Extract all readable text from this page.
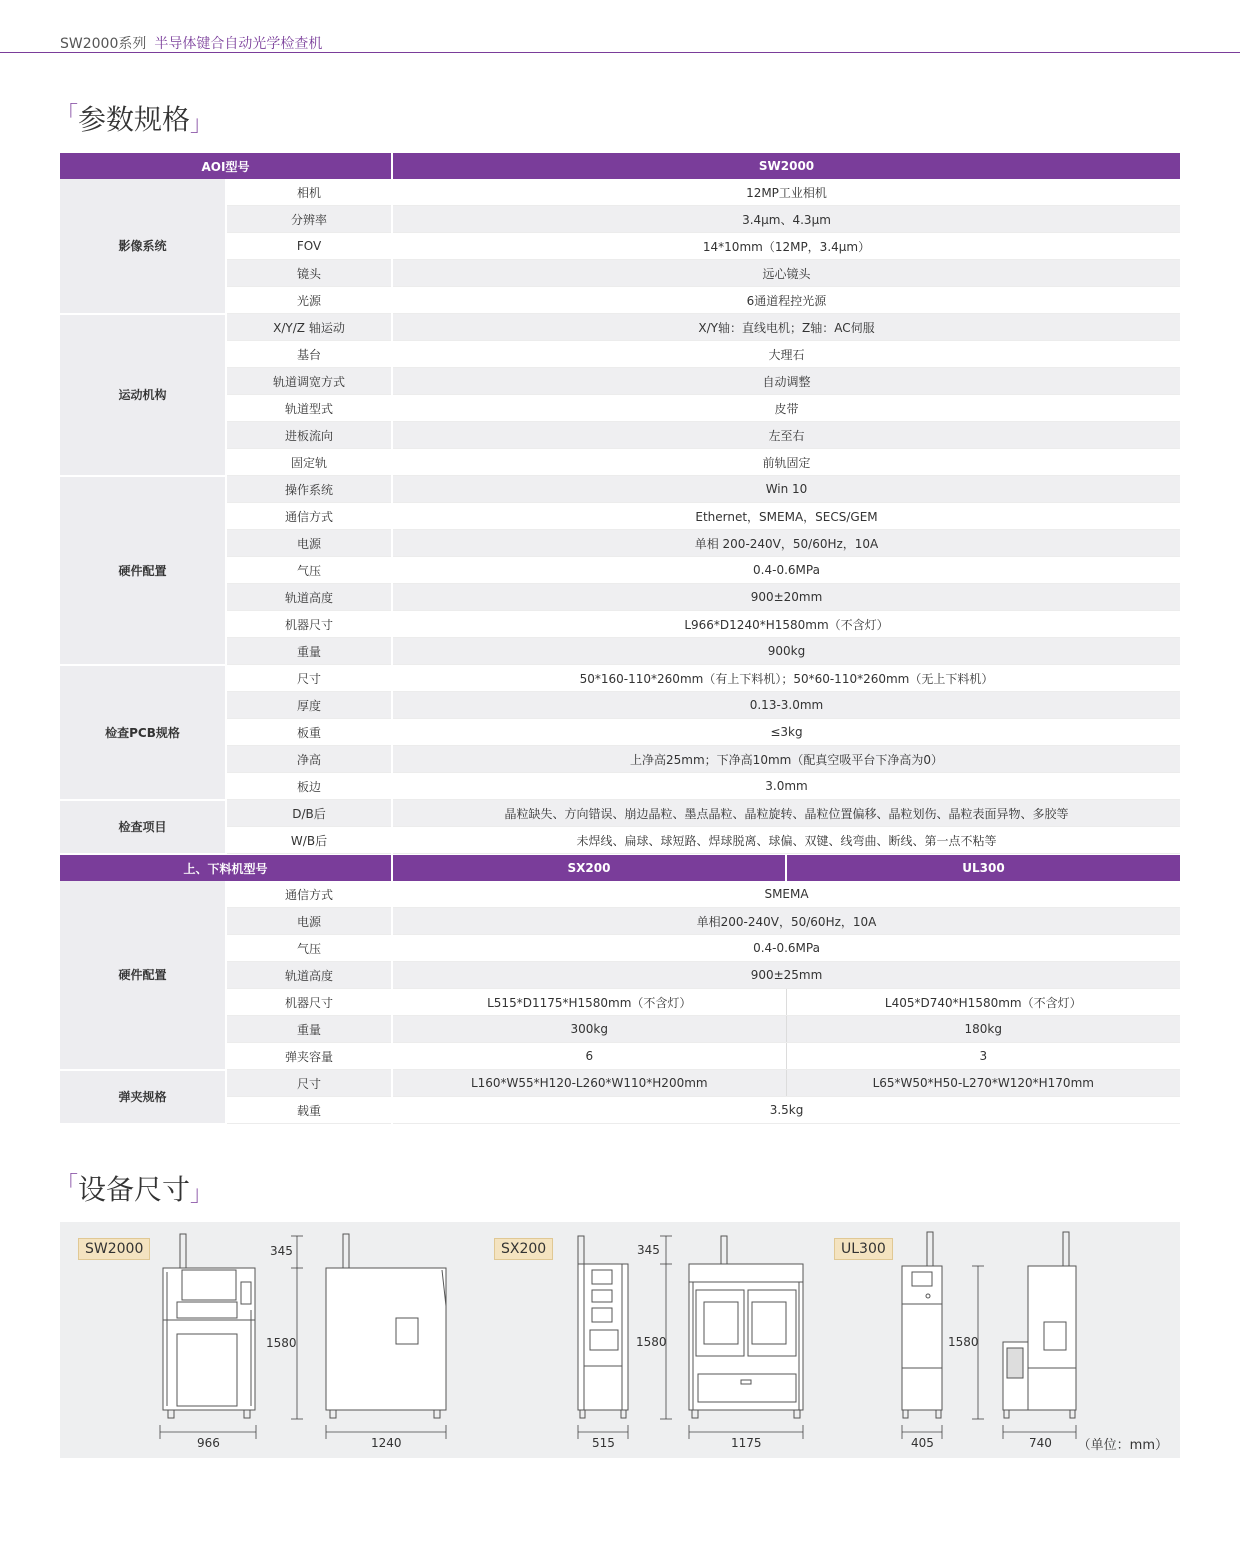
SW2000系列 半导体键合自动光学检查机
「 参数规格 」
AOI型号		SW2000
影像系统	相机	12MP工业相机
	分辨率	3.4μm、4.3μm
	FOV	14*10mm（12MP，3.4μm）
	镜头	远心镜头
	光源	6通道程控光源
运动机构	X/Y/Z 轴运动	X/Y轴：直线电机；Z轴：AC伺服
	基台	大理石
	轨道调宽方式	自动调整
	轨道型式	皮带
	进板流向	左至右
	固定轨	前轨固定
硬件配置	操作系统	Win 10
	通信方式	Ethernet，SMEMA，SECS/GEM
	电源	单相 200-240V，50/60Hz，10A
	气压	0.4-0.6MPa
	轨道高度	900±20mm
	机器尺寸	L966*D1240*H1580mm（不含灯）
	重量	900kg
检查PCB规格	尺寸	50*160-110*260mm（有上下料机）；50*60-110*260mm（无上下料机）
	厚度	0.13-3.0mm
	板重	≤3kg
	净高	上净高25mm；下净高10mm（配真空吸平台下净高为0）
	板边	3.0mm
检查项目	D/B后	晶粒缺失、方向错误、崩边晶粒、墨点晶粒、晶粒旋转、晶粒位置偏移、晶粒划伤、晶粒表面异物、多胶等
	W/B后	未焊线、扁球、球短路、焊球脱离、球偏、双键、线弯曲、断线、第一点不粘等
上、下料机型号		SX200	UL300
硬件配置	通信方式	SMEMA	
	电源	单相200-240V，50/60Hz，10A	
	气压	0.4-0.6MPa	
	轨道高度	900±25mm	
	机器尺寸	L515*D1175*H1580mm（不含灯）	L405*D740*H1580mm（不含灯）
	重量	300kg	180kg
	弹夹容量	6	3
弹夹规格	尺寸	L160*W55*H120-L260*W110*H200mm	L65*W50*H50-L270*W120*H170mm
	载重	3.5kg	
「 设备尺寸 」
SW2000	SX200	UL300
345
1580
966	1240
345
1580
515	1175
1580
405	740 （单位：mm）
